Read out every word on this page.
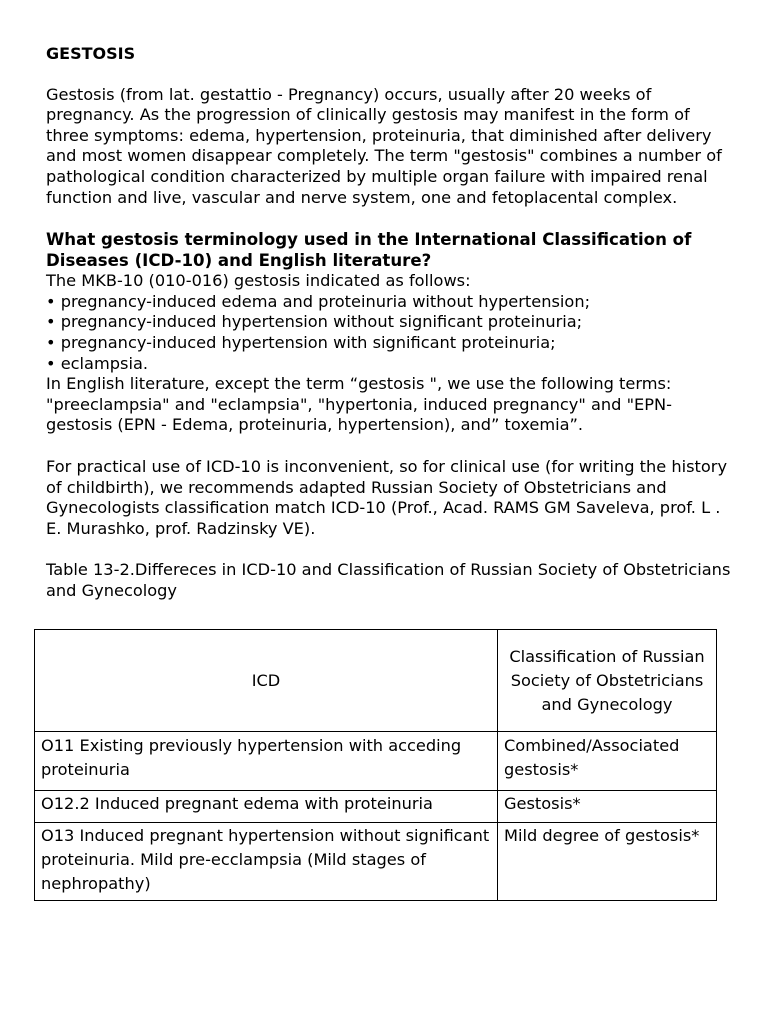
GESTOSIS

Gestosis (from lat. gestattio - Pregnancy) occurs, usually after 20 weeks of pregnancy. As the progression of clinically gestosis may manifest in the form of three symptoms: edema, hypertension, proteinuria, that diminished after delivery and most women disappear completely. The term "gestosis" combines a number of pathological condition characterized by multiple organ failure with impaired renal function and live, vascular and nerve system, one and fetoplacental complex.

What gestosis terminology used in the International Classification of Diseases (ICD-10) and English literature?

The MKB-10 (010-016) gestosis indicated as follows:

• pregnancy-induced edema and proteinuria without hypertension;

• pregnancy-induced hypertension without significant proteinuria;

• pregnancy-induced hypertension with significant proteinuria;

• eclampsia.

In English literature, except the term “gestosis ", we use the following terms: "preeclampsia" and "eclampsia", "hypertonia, induced pregnancy" and "EPN-gestosis (EPN - Edema, proteinuria, hypertension), and” toxemia”.

For practical use of ICD-10 is inconvenient, so for clinical use (for writing the history of childbirth), we recommends adapted Russian Society of Obstetricians and Gynecologists classification match ICD-10 (Prof., Acad. RAMS GM Saveleva, prof. L . E. Murashko, prof. Radzinsky VE).

Table 13-2.Differeces in ICD-10 and Classification of Russian Society of Obstetricians and Gynecology

ICD	Classification of Russian Society of Obstetricians and Gynecology
O11 Existing previously hypertension with acceding proteinuria	Combined/Associated gestosis*
O12.2 Induced pregnant edema with proteinuria	Gestosis*
O13 Induced pregnant hypertension without significant proteinuria. Mild pre-ecclampsia (Mild stages of nephropathy)	Mild degree of gestosis*
